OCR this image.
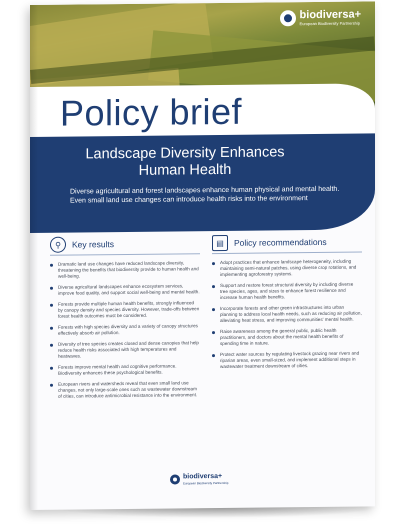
biodiversa+
European Biodiversity Partnership
Policy brief
Landscape Diversity Enhances Human Health
Diverse agricultural and forest landscapes enhance human physical and mental health. Even small land use changes can introduce health risks into the environment
⚲	Key results
Dramatic land use changes have reduced landscape diversity, threatening the benefits that biodiversity provide to human health and well-being.
Diverse agricultural landscapes enhance ecosystem services, improve food quality, and support social well-being and mental health.
Forests provide multiple human health benefits, strongly influenced by canopy density and species diversity. However, trade-offs between forest health outcomes must be considered.
Forests with high species diversity and a variety of canopy structures effectively absorb air pollution.
Diversity of tree species creates closed and dense canopies that help reduce health risks associated with high temperatures and heatwaves.
Forests improve mental health and cognitive performance. Biodiversity enhances these psychological benefits.
European rivers and watersheds reveal that even small land use changes, not only large-scale ones such as wastewater downstream of cities, can introduce antimicrobial resistance into the environment.
▤	Policy recommendations
Adopt practices that enhance landscape heterogeneity, including maintaining semi-natural patches, using diverse crop rotations, and implementing agroforestry systems.
Support and restore forest structural diversity by including diverse tree species, ages, and sizes to enhance forest resilience and increase human health benefits.
Incorporate forests and other green infrastructures into urban planning to address local health needs, such as reducing air pollution, alleviating heat stress, and improving communities' mental health.
Raise awareness among the general public, public health practitioners, and doctors about the mental health benefits of spending time in nature.
Protect water sources by regulating livestock grazing near rivers and riparian areas, even small-sized, and implement additional steps in wastewater treatment downstream of cities.
biodiversa+
European Biodiversity Partnership
